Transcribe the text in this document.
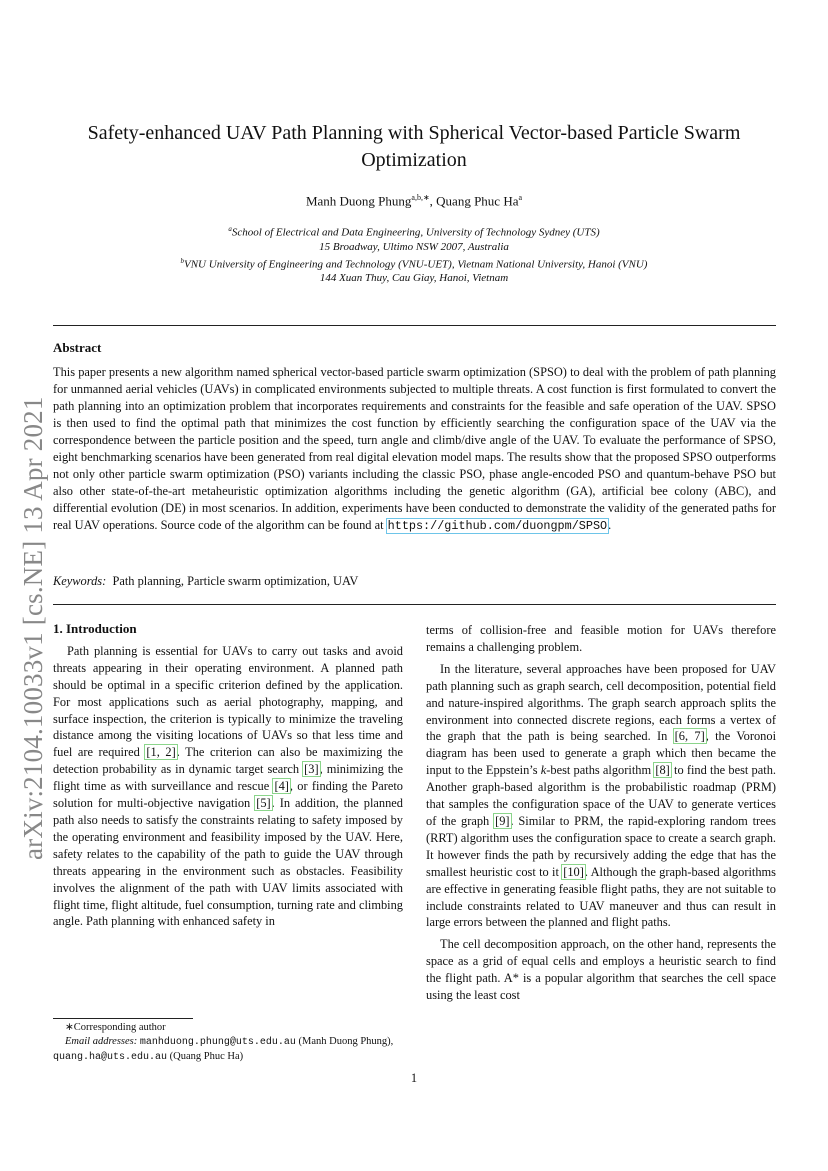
arXiv:2104.10033v1 [cs.NE] 13 Apr 2021
Safety-enhanced UAV Path Planning with Spherical Vector-based Particle Swarm Optimization
Manh Duong Phung$^{a,b,∗}$, Quang Phuc Ha$^a$
$^a$School of Electrical and Data Engineering, University of Technology Sydney (UTS)
15 Broadway, Ultimo NSW 2007, Australia
$^b$VNU University of Engineering and Technology (VNU-UET), Vietnam National University, Hanoi (VNU)
144 Xuan Thuy, Cau Giay, Hanoi, Vietnam
Abstract
This paper presents a new algorithm named spherical vector-based particle swarm optimization (SPSO) to deal with the problem of path planning for unmanned aerial vehicles (UAVs) in complicated environments subjected to multiple threats. A cost function is first formulated to convert the path planning into an optimization problem that incorporates requirements and constraints for the feasible and safe operation of the UAV. SPSO is then used to find the optimal path that minimizes the cost function by efficiently searching the configuration space of the UAV via the correspondence between the particle position and the speed, turn angle and climb/dive angle of the UAV. To evaluate the performance of SPSO, eight benchmarking scenarios have been generated from real digital elevation model maps. The results show that the proposed SPSO outperforms not only other particle swarm optimization (PSO) variants including the classic PSO, phase angle-encoded PSO and quantum-behave PSO but also other state-of-the-art metaheuristic optimization algorithms including the genetic algorithm (GA), artificial bee colony (ABC), and differential evolution (DE) in most scenarios. In addition, experiments have been conducted to demonstrate the validity of the generated paths for real UAV operations. Source code of the algorithm can be found at https://github.com/duongpm/SPSO.
Keywords: Path planning, Particle swarm optimization, UAV

1. Introduction

Path planning is essential for UAVs to carry out tasks and avoid threats appearing in their operating environment. A planned path should be optimal in a specific criterion defined by the application. For most applications such as aerial photography, mapping, and surface inspection, the criterion is typically to minimize the traveling distance among the visiting locations of UAVs so that less time and fuel are required [1, 2]. The criterion can also be maximizing the detection probability as in dynamic target search [3], minimizing the flight time as with surveillance and rescue [4], or finding the Pareto solution for multi-objective navigation [5]. In addition, the planned path also needs to satisfy the constraints relating to safety imposed by the operating environment and feasibility imposed by the UAV. Here, safety relates to the capability of the path to guide the UAV through threats appearing in the environment such as obstacles. Feasibility involves the alignment of the path with UAV limits associated with flight time, flight altitude, fuel consumption, turning rate and climbing angle. Path planning with enhanced safety in

terms of collision-free and feasible motion for UAVs therefore remains a challenging problem.

In the literature, several approaches have been proposed for UAV path planning such as graph search, cell decomposition, potential field and nature-inspired algorithms. The graph search approach splits the environment into connected discrete regions, each forms a vertex of the graph that the path is being searched. In [6, 7], the Voronoi diagram has been used to generate a graph which then became the input to the Eppstein’s k-best paths algorithm [8] to find the best path. Another graph-based algorithm is the probabilistic roadmap (PRM) that samples the configuration space of the UAV to generate vertices of the graph [9]. Similar to PRM, the rapid-exploring random trees (RRT) algorithm uses the configuration space to create a search graph. It however finds the path by recursively adding the edge that has the smallest heuristic cost to it [10]. Although the graph-based algorithms are effective in generating feasible flight paths, they are not suitable to include constraints related to UAV maneuver and thus can result in large errors between the planned and flight paths.

The cell decomposition approach, on the other hand, represents the space as a grid of equal cells and employs a heuristic search to find the flight path. A* is a popular algorithm that searches the cell space using the least cost

∗Corresponding author

Email addresses: manhduong.phung@uts.edu.au (Manh Duong Phung), quang.ha@uts.edu.au (Quang Phuc Ha)

1
